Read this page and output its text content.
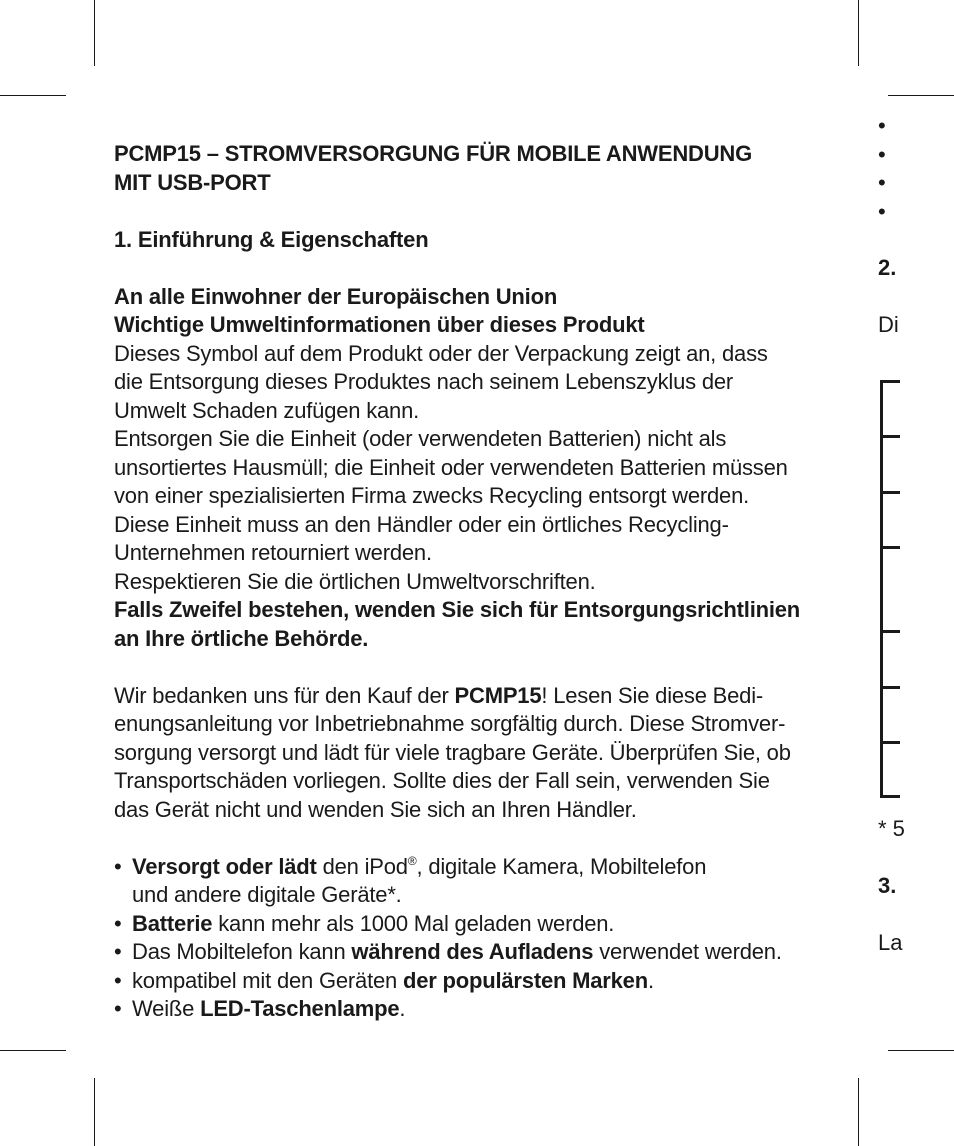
PCMP15 – STROMVERSORGUNG FÜR MOBILE ANWENDUNG
MIT USB-PORT

1. Einführung & Eigenschaften

An alle Einwohner der Europäischen Union

Wichtige Umweltinformationen über dieses Produkt

Dieses Symbol auf dem Produkt oder der Verpackung zeigt an, dass
die Entsorgung dieses Produktes nach seinem Lebenszyklus der
Umwelt Schaden zufügen kann.

Entsorgen Sie die Einheit (oder verwendeten Batterien) nicht als
unsortiertes Hausmüll; die Einheit oder verwendeten Batterien müssen
von einer spezialisierten Firma zwecks Recycling entsorgt werden.
Diese Einheit muss an den Händler oder ein örtliches Recycling-
Unternehmen retourniert werden.

Respektieren Sie die örtlichen Umweltvorschriften.

Falls Zweifel bestehen, wenden Sie sich für Entsorgungsrichtlinien
an Ihre örtliche Behörde.

Wir bedanken uns für den Kauf der PCMP15! Lesen Sie diese Bedi-
enungsanleitung vor Inbetriebnahme sorgfältig durch. Diese Stromver-
sorgung versorgt und lädt für viele tragbare Geräte. Überprüfen Sie, ob
Transportschäden vorliegen. Sollte dies der Fall sein, verwenden Sie
das Gerät nicht und wenden Sie sich an Ihren Händler.

• Versorgt oder lädt den iPod®, digitale Kamera, Mobiltelefon
und andere digitale Geräte*.
• Batterie kann mehr als 1000 Mal geladen werden.
• Das Mobiltelefon kann während des Aufladens verwendet werden.
• kompatibel mit den Geräten der populärsten Marken.
• Weiße LED-Taschenlampe.
•
•
•
•
2.
Di
* 5
3.
La
